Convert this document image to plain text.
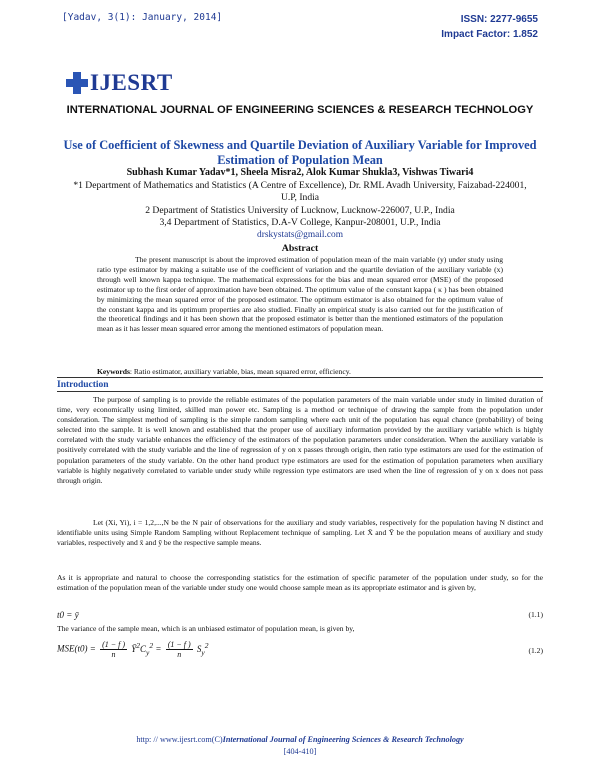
[Yadav, 3(1): January, 2014]	ISSN: 2277-9655
Impact Factor: 1.852
IJESRT
INTERNATIONAL JOURNAL OF ENGINEERING SCIENCES & RESEARCH TECHNOLOGY
Use of Coefficient of Skewness and Quartile Deviation of Auxiliary Variable for Improved Estimation of Population Mean
Subhash Kumar Yadav*1, Sheela Misra2, Alok Kumar Shukla3, Vishwas Tiwari4
*1 Department of Mathematics and Statistics (A Centre of Excellence), Dr. RML Avadh University, Faizabad-224001, U.P, India
2 Department of Statistics University of Lucknow, Lucknow-226007, U.P., India
3,4 Department of Statistics, D.A-V College, Kanpur-208001, U.P., India
drskystats@gmail.com
Abstract
The present manuscript is about the improved estimation of population mean of the main variable (y) under study using ratio type estimator by making a suitable use of the coefficient of variation and the quartile deviation of the auxiliary variable (x) through well known kappa technique. The mathematical expressions for the bias and mean squared error (MSE) of the proposed estimator up to the first order of approximation have been obtained. The optimum value of the constant kappa ( κ ) has been obtained by minimizing the mean squared error of the proposed estimator. The optimum estimator is also obtained for the optimum value of the constant kappa and its optimum properties are also studied. Finally an empirical study is also carried out for the justification of the theoretical findings and it has been shown that the proposed estimator is better than the mentioned estimators of the population mean as it has lesser mean squared error among the mentioned estimators of population mean.
Keywords: Ratio estimator, auxiliary variable, bias, mean squared error, efficiency.
Introduction
The purpose of sampling is to provide the reliable estimates of the population parameters of the main variable under study in limited duration of time, very economically using limited, skilled man power etc. Sampling is a method or technique of drawing the sample from the population under consideration. The simplest method of sampling is the simple random sampling where each unit of the population has equal chance (probability) of being selected into the sample. It is well known and established that the proper use of auxiliary information provided by the auxiliary variable which is highly correlated with the study variable enhances the efficiency of the estimators of the population parameters under consideration. When the auxiliary variable is positively correlated with the study variable and the line of regression of y on x passes through origin, then ratio type estimators are used for the estimation of population parameters of the study variable. On the other hand product type estimators are used for the estimation of population parameters when auxiliary variable is highly negatively correlated to variable under study while regression type estimators are used when the line of regression of y on x does not pass through origin.
Let (Xi, Yi), i = 1,2,...,N be the N pair of observations for the auxiliary and study variables, respectively for the population having N distinct and identifiable units using Simple Random Sampling without Replacement technique of sampling. Let X̄ and Ȳ be the population means of auxiliary and study variables, respectively and x̄ and ȳ be the respective sample means.
As it is appropriate and natural to choose the corresponding statistics for the estimation of specific parameter of the population under study, so for the estimation of the population mean of the variable under study one would choose sample mean as its appropriate estimator and is given by,
t0 = ȳ	(1.1)
The variance of the sample mean, which is an unbiased estimator of population mean, is given by,
$MSE(t0) = \frac{(1 - f )}{n}$ $Ȳ^2C_y^2 = \frac{(1 - f )}{n} S_y^2$
(1.2)
http: // www.ijesrt.com(C)International Journal of Engineering Sciences & Research Technology
[404-410]
